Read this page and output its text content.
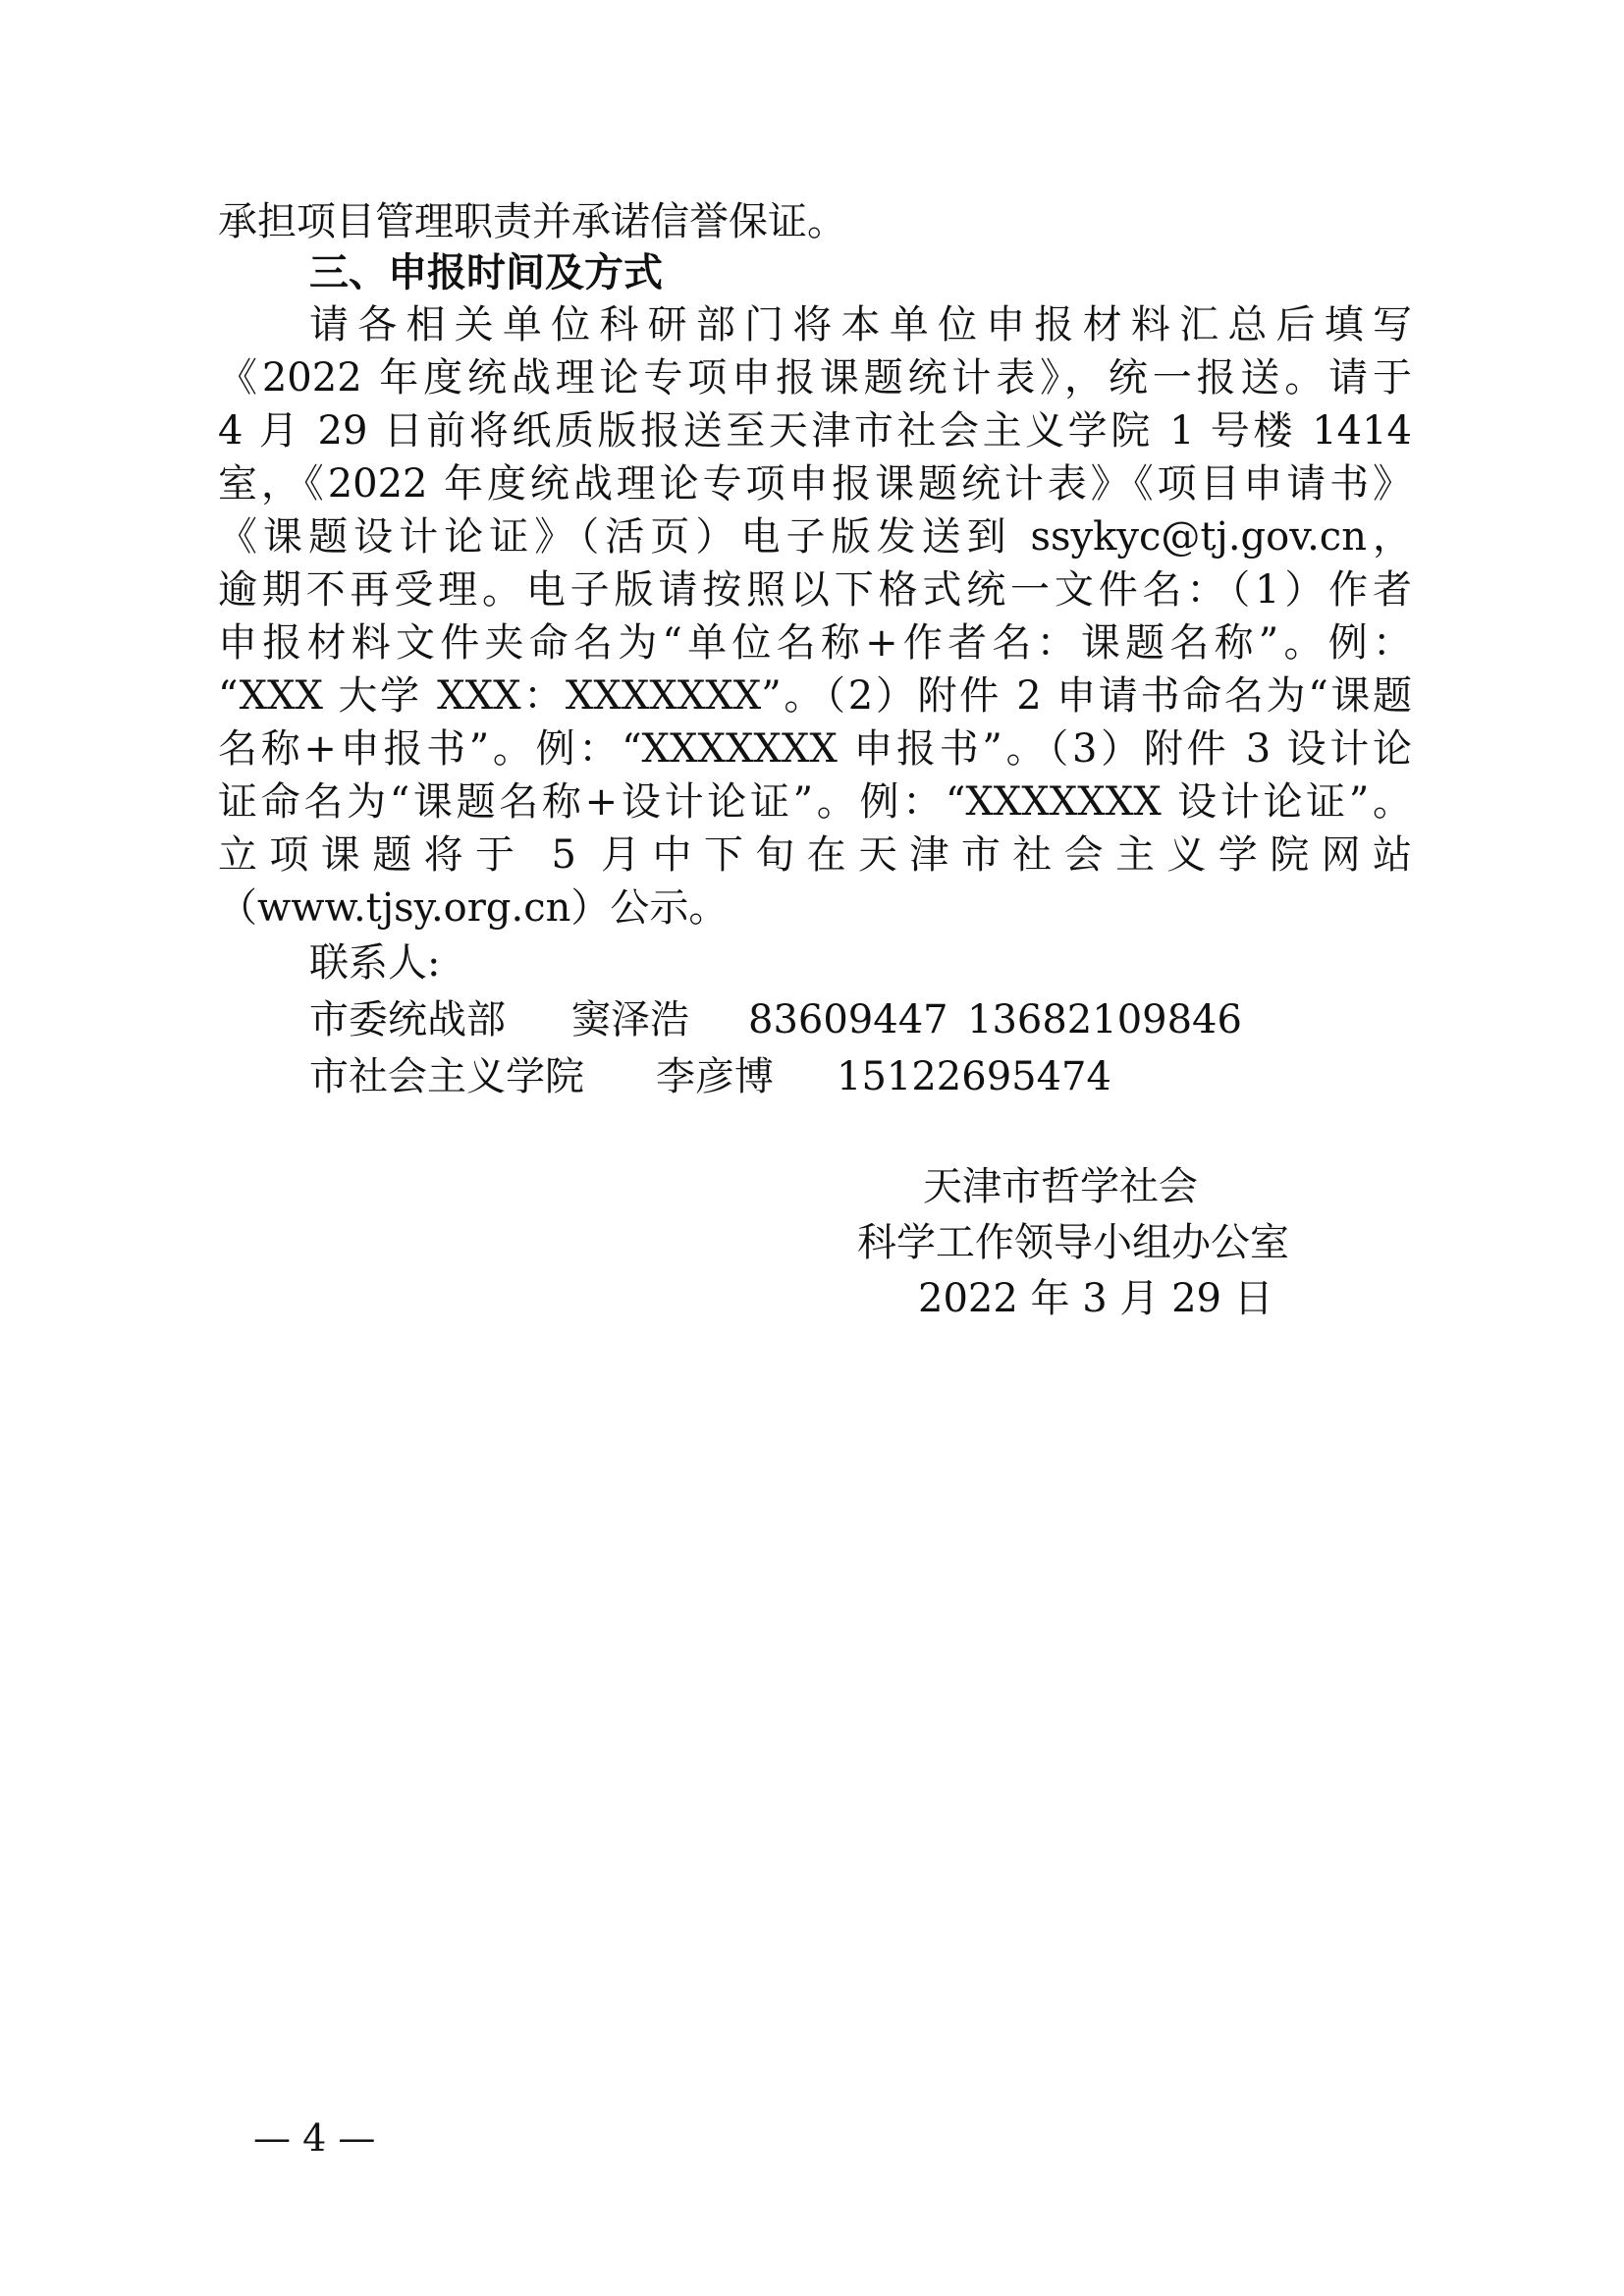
承担项目管理职责并承诺信誉保证。
三、申报时间及方式
请各相关单位科研部门将本单位申报材料汇总后填写
《2022 年度统战理论专项申报课题统计表》，统一报送。请于
4 月 29 日前将纸质版报送至天津市社会主义学院 1 号楼 1414
室，《2022 年度统战理论专项申报课题统计表》《项目申请书》
《课题设计论证》（活页）电子版发送到 ssykyc@tj.gov.cn，
逾期不再受理。电子版请按照以下格式统一文件名：（1）作者
申报材料文件夹命名为“单位名称+作者名：课题名称”。例：
“XXX 大学 XXX：XXXXXXX”。（2）附件 2 申请书命名为“课题
名称+申报书”。例：“XXXXXXX 申报书”。（3）附件 3 设计论
证命名为“课题名称+设计论证”。例：“XXXXXXX 设计论证”。
立项课题将于 5 月中下旬在天津市社会主义学院网站
（www.tjsy.org.cn）公示。
联系人:
市委统战部 窦泽浩 83609447 13682109846
市社会主义学院 李彦博 15122695474
天津市哲学社会
科学工作领导小组办公室
2022 年 3 月 29 日
— 4 —
